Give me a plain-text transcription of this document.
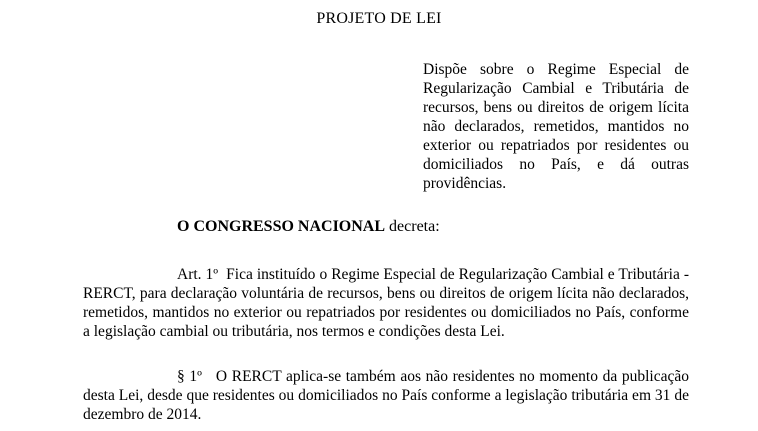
PROJETO DE LEI
Dispõe sobre o Regime Especial de Regularização Cambial e Tributária de recursos, bens ou direitos de origem lícita não declarados, remetidos, mantidos no exterior ou repatriados por residentes ou domiciliados no País, e dá outras providências.
O CONGRESSO NACIONAL decreta:
Art. 1º Fica instituído o Regime Especial de Regularização Cambial e Tributária -RERCT, para declaração voluntária de recursos, bens ou direitos de origem lícita não declarados, remetidos, mantidos no exterior ou repatriados por residentes ou domiciliados no País, conforme a legislação cambial ou tributária, nos termos e condições desta Lei.
§ 1º O RERCT aplica-se também aos não residentes no momento da publicação desta Lei, desde que residentes ou domiciliados no País conforme a legislação tributária em 31 de dezembro de 2014.
